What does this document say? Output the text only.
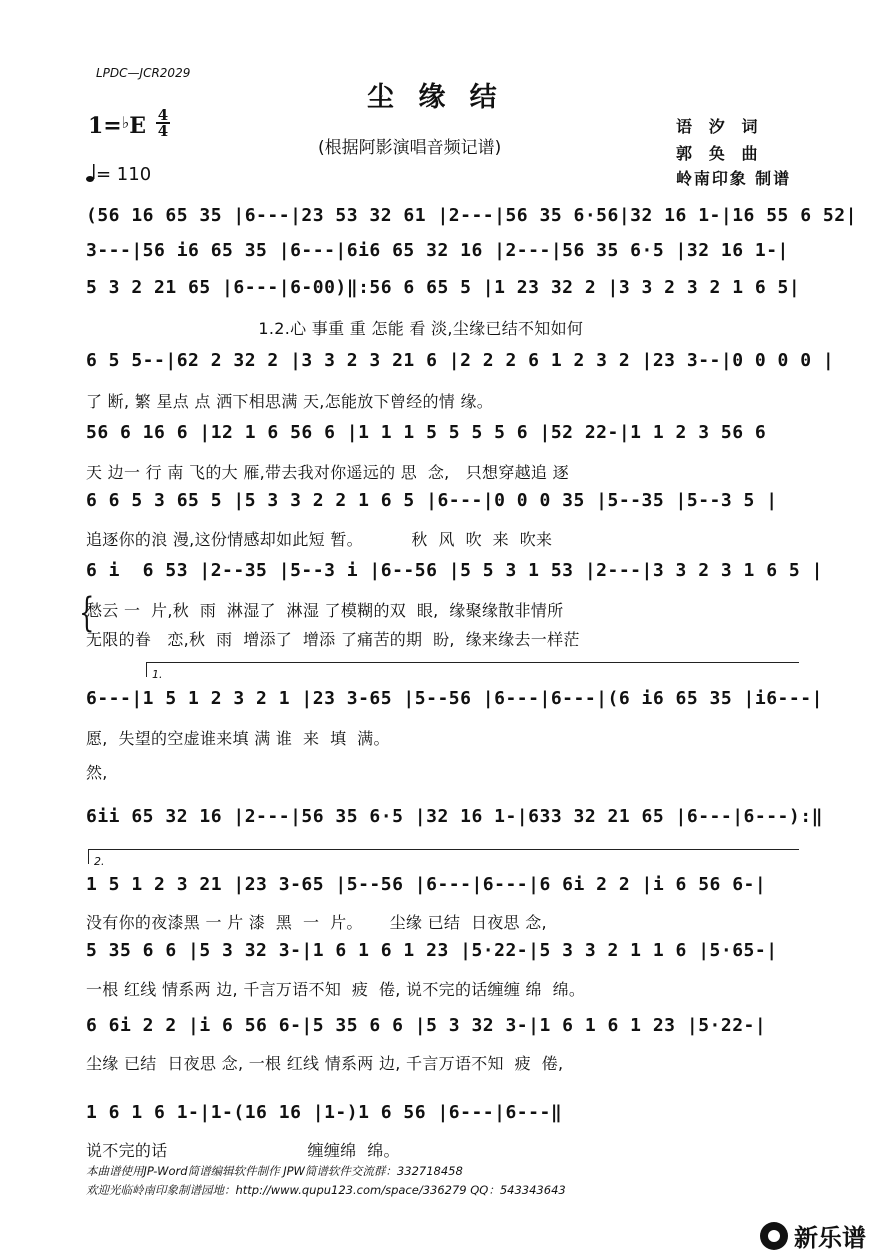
LPDC—JCR2029
尘缘结
1=♭E 4
4
(根据阿影演唱音频记谱)
= 110
语 汐 词
郭 奂 曲
岭南印象 制谱
(56 16 65 35 |6---|23 53 32 61 |2---|56 35 6·56|32 16 1-|16 55 6 52|
3---|56 i6 65 35 |6---|6i6 65 32 16 |2---|56 35 6·5 |32 16 1-|
5 3 2 21 65 |6---|6-00)‖:56 6 65 5 |1 23 32 2 |3 3 2 3 2 1 6 5|
1.2.心 事重 重 怎能 看 淡,尘缘已结不知如何
6 5 5--|62 2 32 2 |3 3 2 3 21 6 |2 2 2 6 1 2 3 2 |23 3--|0 0 0 0 |
了 断, 繁 星点 点 洒下相思满 天,怎能放下曾经的情 缘。
56 6 16 6 |12 1 6 56 6 |1 1 1 5 5 5 5 6 |52 22-|1 1 2 3 56 6
天 边一 行 南 飞的大 雁,带去我对你遥远的 思  念,   只想穿越追 逐
6 6 5 3 65 5 |5 3 3 2 2 1 6 5 |6---|0 0 0 35 |5--35 |5--3 5 |
追逐你的浪 漫,这份情感却如此短 暂。         秋  风  吹  来  吹来
6 i  6 53 |2--35 |5--3 i |6--56 |5 5 3 1 53 |2---|3 3 2 3 1 6 5 |
{
愁云 一  片,秋  雨  淋湿了  淋湿 了模糊的双  眼,  缘聚缘散非情所
无限的眷   恋,秋  雨  增添了  增添 了痛苦的期  盼,  缘来缘去一样茫
1.
6---|1 5 1 2 3 2 1 |23 3-65 |5--56 |6---|6---|(6 i6 65 35 |i6---|
愿,  失望的空虚谁来填 满 谁  来  填  满。
然,
6ii 65 32 16 |2---|56 35 6·5 |32 16 1-|633 32 21 65 |6---|6---):‖
2.
1 5 1 2 3 21 |23 3-65 |5--56 |6---|6---|6 6i 2 2 |i 6 56 6-|
没有你的夜漆黑 一 片 漆  黑  一  片。     尘缘 已结  日夜思 念,
5 35 6 6 |5 3 32 3-|1 6 1 6 1 23 |5·22-|5 3 3 2 1 1 6 |5·65-|
一根 红线 情系两 边, 千言万语不知  疲  倦, 说不完的话缠缠 绵  绵。
6 6i 2 2 |i 6 56 6-|5 35 6 6 |5 3 32 3-|1 6 1 6 1 23 |5·22-|
尘缘 已结  日夜思 念, 一根 红线 情系两 边, 千言万语不知  疲  倦,
1 6 1 6 1-|1-(16 16 |1-)1 6 56 |6---|6---‖
说不完的话                          缠缠绵  绵。
本曲谱使用JP-Word简谱编辑软件制作 JPW简谱软件交流群：332718458
欢迎光临岭南印象制谱园地：http://www.qupu123.com/space/336279 QQ：543343643
新乐谱
